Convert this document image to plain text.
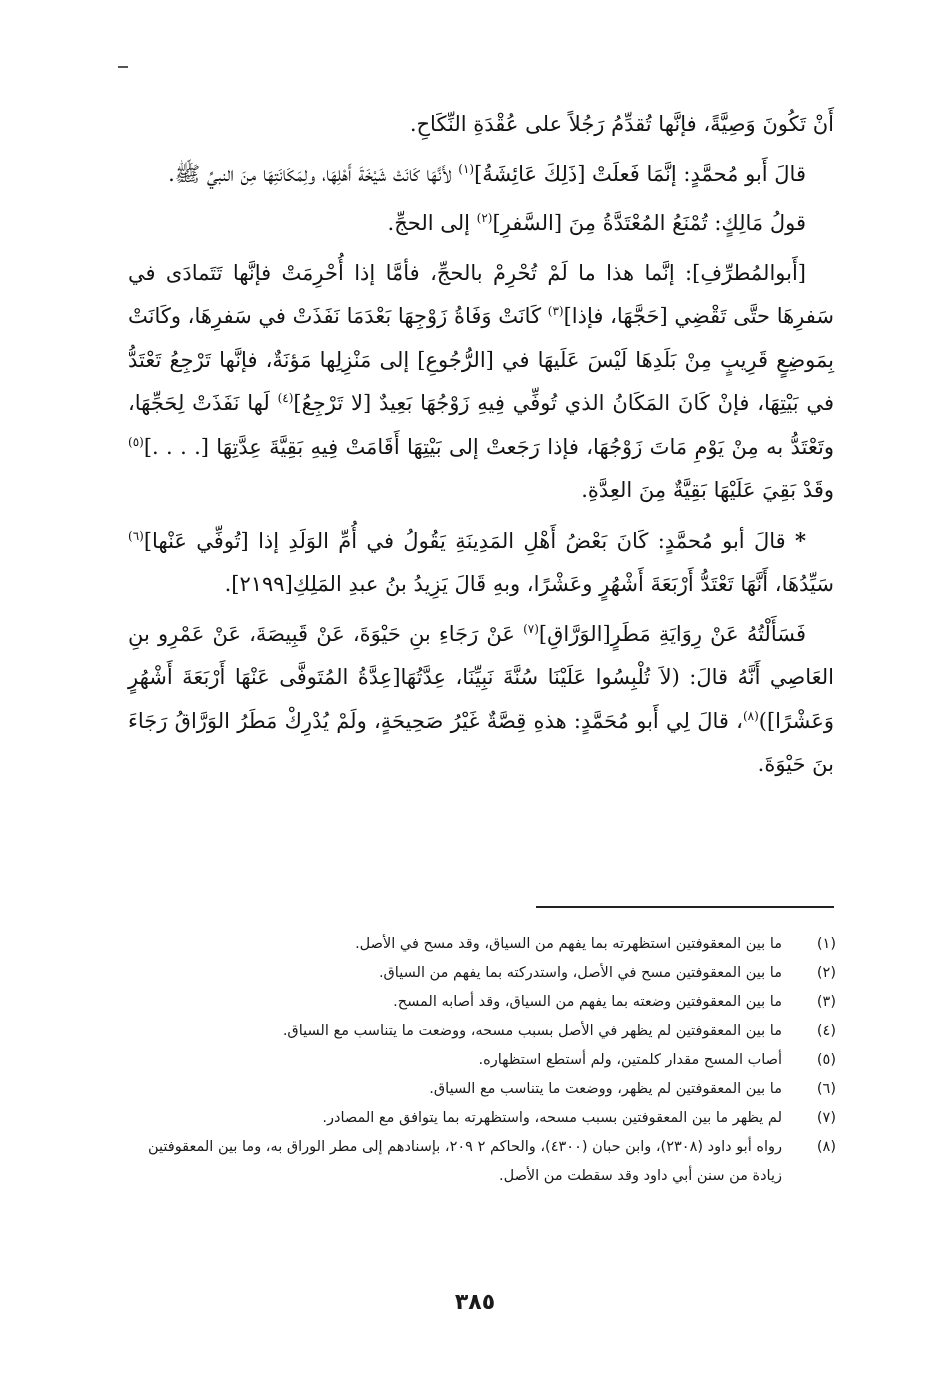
أَنْ تَكُونَ وَصِيَّةً، فإنَّها تُقدِّمُ رَجُلاً على عُقْدَةِ النِّكَاحِ.

قالَ أَبو مُحمَّدٍ: إنَّمَا فَعلَتْ [ذَلِكَ عَائِشَةُ]$^{(١)}$ لأَنَّهَا كَانَتْ شَيْخَةَ أَهْلِهَا، ولِمَكَانَتِهَا مِنَ النبيِّ ﷺ.

قولُ مَالِكٍ: تُمْنَعُ المُعْتَدَّةُ مِنَ [السَّفرِ]$^{(٢)}$ إلى الحجِّ.

[أَبوالمُطرِّفِ]: إنَّما هذا ما لَمْ تُحْرِمْ بالحجِّ، فأمَّا إذا أُحْرِمَتْ فإنَّها تَتَمادَى في سَفرِهَا حتَّى تَقْضِي [حَجَّهَا، فإذا]$^{(٣)}$ كَانَتْ وَفَاةُ زَوْجِهَا بَعْدَمَا نَفَذَتْ في سَفرِهَا، وكَانَتْ بِمَوضِعٍ قَرِيبٍ مِنْ بَلَدِهَا لَيْسَ عَلَيهَا في [الرُّجُوعِ] إلى مَنْزِلِها مَؤنَةٌ، فإنَّها تَرْجِعُ تَعْتَدُّ في بَيْتِهَا، فإنْ كَانَ المَكَانُ الذي تُوفِّي فِيهِ زَوْجُهَا بَعِيدٌ [لا تَرْجِعُ]$^{(٤)}$ لَها نَفَذَتْ لِحَجِّهَا، وتَعْتَدُّ به مِنْ يَوْمِ مَاتَ زَوْجُهَا، فإذا رَجَعتْ إلى بَيْتِهَا أَقَامَتْ فِيهِ بَقِيَّةَ عِدَّتِهَا [. . . .]$^{(٥)}$ وقَدْ بَقِيَ عَلَيْهَا بَقِيَّةٌ مِنَ العِدَّةِ.

* قالَ أبو مُحمَّدٍ: كَانَ بَعْضُ أَهْلِ المَدِينَةِ يَقُولُ في أُمِّ الوَلَدِ إذا [تُوفِّي عَنْها]$^{(٦)}$ سَيِّدُهَا، أَنَّهَا تَعْتَدُّ أَرْبَعَةَ أَشْهُرٍ وعَشْرًا، وبهِ قَالَ يَزِيدُ بنُ عبدِ المَلِكِ[٢١٩٩].

فَسَأَلْتُهُ عَنْ رِوَايَةِ مَطَرٍ[الوَرَّاقِ]$^{(٧)}$ عَنْ رَجَاءِ بنِ حَيْوَةَ، عَنْ قَبِيصَةَ، عَنْ عَمْرِو بنِ العَاصِي أَنَّهُ قالَ: (لاَ تُلْبِسُوا عَلَيْنَا سُنَّةَ نَبِيِّنَا، عِدَّتُهَا[عِدَّةُ المُتَوفَّى عَنْهَا أَرْبَعَةَ أَشْهُرٍ وَعَشْرًا])$^{(٨)}$، قالَ لِي أَبو مُحَمَّدٍ: هذهِ قِصَّةٌ غَيْرُ صَحِيحَةٍ، ولَمْ يُدْرِكْ مَطَرُ الوَرَّاقُ رَجَاءَ بنَ حَيْوَةَ.

(١)
ما بين المعقوفتين استظهرته بما يفهم من السياق، وقد مسح في الأصل.
(٢)
ما بين المعقوفتين مسح في الأصل، واستدركته بما يفهم من السياق.
(٣)
ما بين المعقوفتين وضعته بما يفهم من السياق، وقد أصابه المسح.
(٤)
ما بين المعقوفتين لم يظهر في الأصل بسبب مسحه، ووضعت ما يتناسب مع السياق.
(٥)
أصاب المسح مقدار كلمتين، ولم أستطع استظهاره.
(٦)
ما بين المعقوفتين لم يظهر، ووضعت ما يتناسب مع السياق.
(٧)
لم يظهر ما بين المعقوفتين بسبب مسحه، واستظهرته بما يتوافق مع المصادر.
(٨)
رواه أبو داود (٢٣٠٨)، وابن حبان (٤٣٠٠)، والحاكم ٢ ٢٠٩، بإسنادهم إلى مطر الوراق به، وما بين المعقوفتين زيادة من سنن أبي داود وقد سقطت من الأصل.
٣٨٥
